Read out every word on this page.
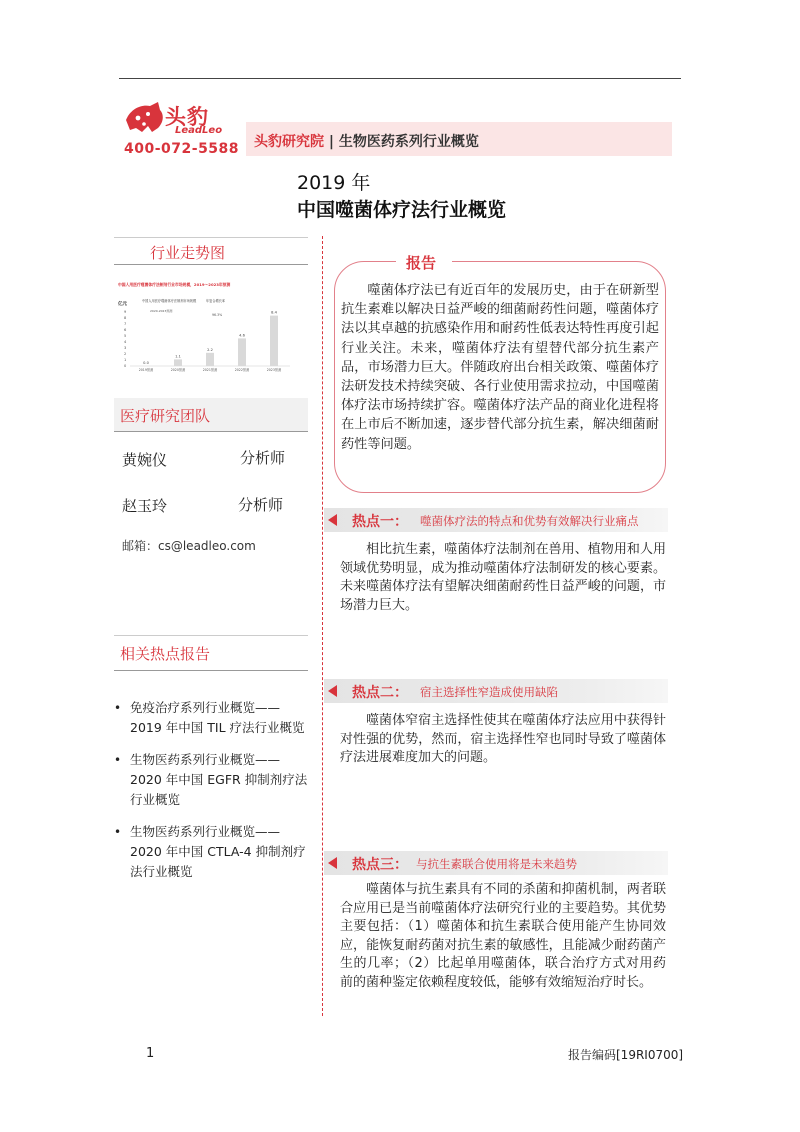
头豹
LeadLeo
400-072-5588 头豹研究院 | 生物医药系列行业概览
2019 年
中国噬菌体疗法行业概览
行业走势图
中国人用医疗噬菌体疗法制剂行业市场规模，2019～2023年预测
亿元
中国人用医疗噬菌体疗法制剂市场规模	年复合增长率
2020-2023预测
96.3%
0
1
2
3
4
5
6
7
8
9
0.0
2019预测
1.1
2020预测
2.2
2021预测
4.6
2022预测
8.4
2023预测
医疗研究团队
黄婉仪	分析师
赵玉玲	分析师
邮箱：cs@leadleo.com
相关热点报告
• 免疫治疗系列行业概览—— 2019 年中国 TIL 疗法行业概览
• 生物医药系列行业概览—— 2020 年中国 EGFR 抑制剂疗法行业概览
• 生物医药系列行业概览—— 2020 年中国 CTLA-4 抑制剂疗法行业概览
报告
噬菌体疗法已有近百年的发展历史，由于在研新型抗生素难以解决日益严峻的细菌耐药性问题，噬菌体疗法以其卓越的抗感染作用和耐药性低表达特性再度引起行业关注。未来，噬菌体疗法有望替代部分抗生素产品，市场潜力巨大。伴随政府出台相关政策、噬菌体疗法研发技术持续突破、各行业使用需求拉动，中国噬菌体疗法市场持续扩容。噬菌体疗法产品的商业化进程将在上市后不断加速，逐步替代部分抗生素，解决细菌耐药性等问题。
热点一： 噬菌体疗法的特点和优势有效解决行业痛点
相比抗生素，噬菌体疗法制剂在兽用、植物用和人用领域优势明显，成为推动噬菌体疗法制研发的核心要素。未来噬菌体疗法有望解决细菌耐药性日益严峻的问题，市场潜力巨大。
热点二： 宿主选择性窄造成使用缺陷
噬菌体窄宿主选择性使其在噬菌体疗法应用中获得针对性强的优势，然而，宿主选择性窄也同时导致了噬菌体疗法进展难度加大的问题。
热点三： 与抗生素联合使用将是未来趋势
噬菌体与抗生素具有不同的杀菌和抑菌机制，两者联合应用已是当前噬菌体疗法研究行业的主要趋势。其优势主要包括：（1）噬菌体和抗生素联合使用能产生协同效应，能恢复耐药菌对抗生素的敏感性，且能减少耐药菌产生的几率；（2）比起单用噬菌体，联合治疗方式对用药前的菌种鉴定依赖程度较低，能够有效缩短治疗时长。
1	报告编码[19RI0700]
